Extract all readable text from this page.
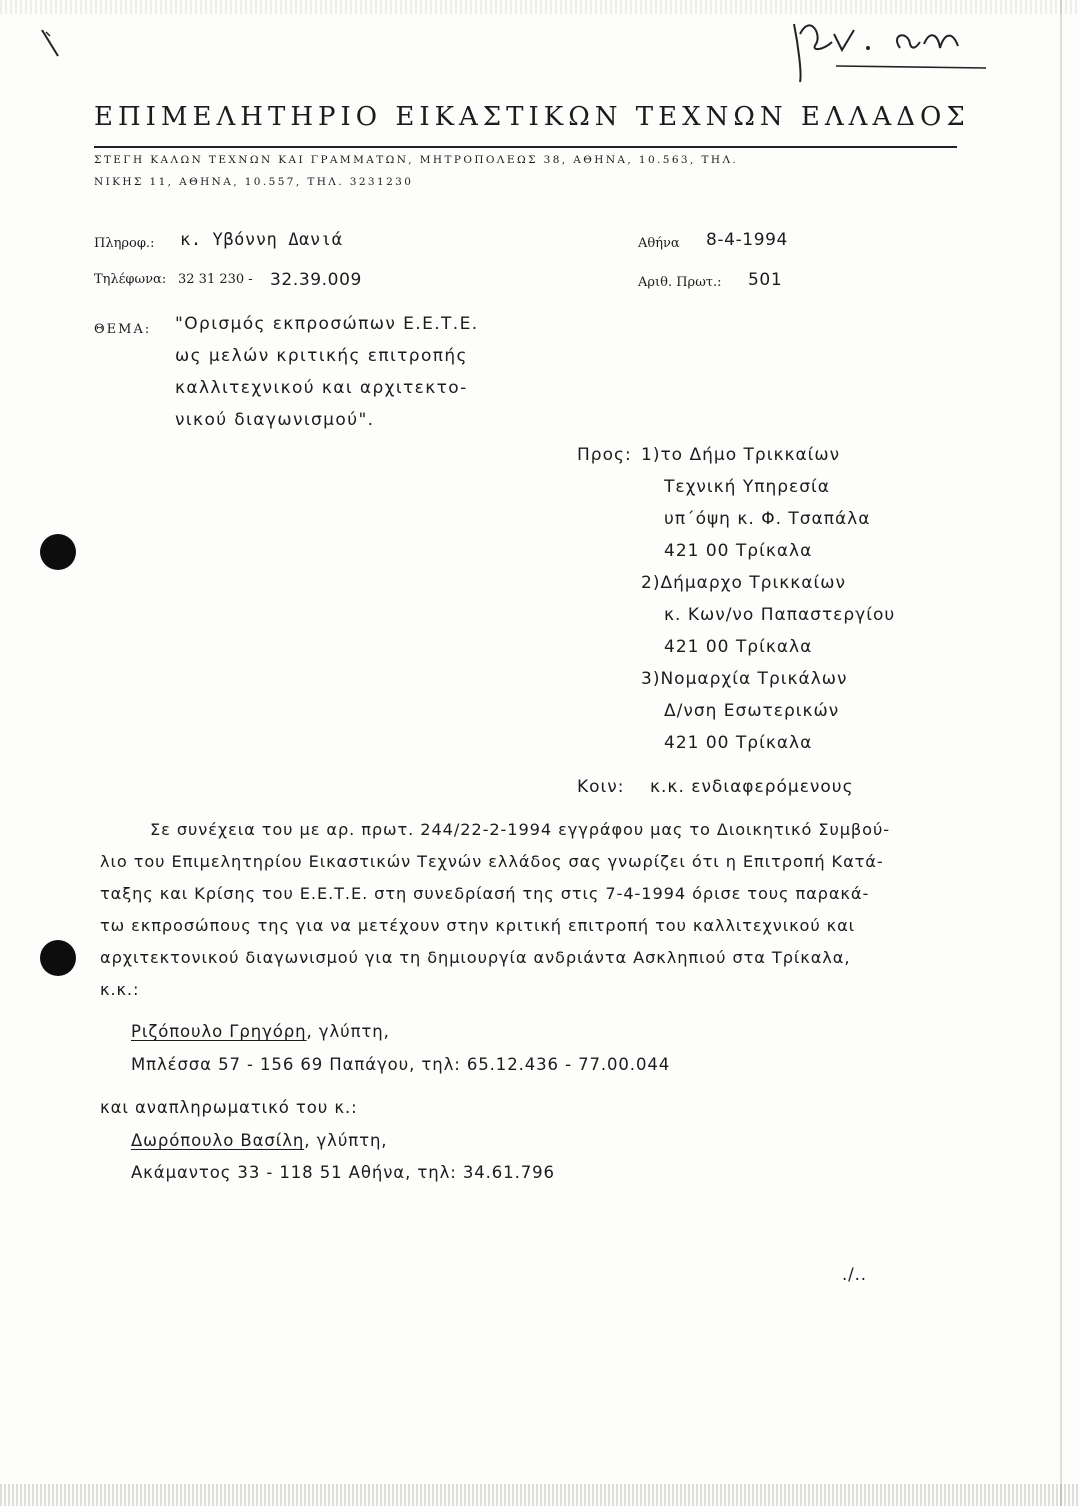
ΕΠΙΜΕΛΗΤΗΡΙΟ ΕΙΚΑΣΤΙΚΩΝ ΤΕΧΝΩΝ ΕΛΛΑΔΟΣ
ΣΤΕΓΗ ΚΑΛΩΝ ΤΕΧΝΩΝ ΚΑΙ ΓΡΑΜΜΑΤΩΝ, ΜΗΤΡΟΠΟΛΕΩΣ 38, ΑΘΗΝΑ, 10.563, ΤΗΛ.
ΝΙΚΗΣ 11, ΑΘΗΝΑ, 10.557, ΤΗΛ. 3231230
Πληροφ.: κ. Υβόννη Δανιά
Τηλέφωνα: 32 31 230 - 32.39.009
Αθήνα 8-4-1994
Αριθ. Πρωτ.: 501
ΘΕΜΑ: "Ορισμός εκπροσώπων Ε.Ε.Τ.Ε.
ως μελών κριτικής επιτροπής
καλλιτεχνικού και αρχιτεκτο-
νικού διαγωνισμού".
Προς: 1)το Δήμο Τρικκαίων
Τεχνική Υπηρεσία
υπ΄όψη κ. Φ. Τσαπάλα
421 00 Τρίκαλα
2)Δήμαρχο Τρικκαίων
κ. Κων/νο Παπαστεργίου
421 00 Τρίκαλα
3)Νομαρχία Τρικάλων
Δ/νση Εσωτερικών
421 00 Τρίκαλα
Κοιν: κ.κ. ενδιαφερόμενους
Σε συνέχεια του με αρ. πρωτ. 244/22-2-1994 εγγράφου μας το Διοικητικό Συμβού-
λιο του Επιμελητηρίου Εικαστικών Τεχνών ελλάδος σας γνωρίζει ότι η Επιτροπή Κατά-
ταξης και Κρίσης του Ε.Ε.Τ.Ε. στη συνεδρίασή της στις 7-4-1994 όρισε τους παρακά-
τω εκπροσώπους της για να μετέχουν στην κριτική επιτροπή του καλλιτεχνικού και
αρχιτεκτονικού διαγωνισμού για τη δημιουργία ανδριάντα Ασκληπιού στα Τρίκαλα,
κ.κ.:
Ριζόπουλο Γρηγόρη, γλύπτη,
Μπλέσσα 57 - 156 69 Παπάγου, τηλ: 65.12.436 - 77.00.044
και αναπληρωματικό του κ.:
Δωρόπουλο Βασίλη, γλύπτη,
Ακάμαντος 33 - 118 51 Αθήνα, τηλ: 34.61.796
./..
